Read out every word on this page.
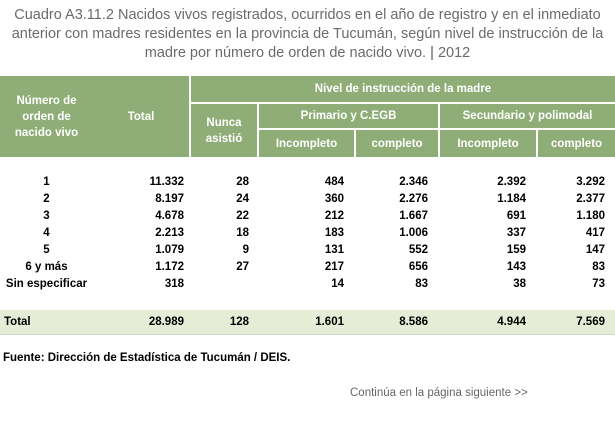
Cuadro A3.11.2 Nacidos vivos registrados, ocurridos en el año de registro y en el inmediato
anterior con madres residentes en la provincia de Tucumán, según nivel de instrucción de la
madre por número de orden de nacido vivo. | 2012
Número de
orden de
nacido vivo	Total	Nivel de instrucción de la madre				

		Nunca
asistió	Primario y C.EGB		Secundario y polimodal	
			Incompleto	completo	Incompleto	completo

1	11.332	28	484	2.346	2.392	3.292
2	8.197	24	360	2.276	1.184	2.377
3	4.678	22	212	1.667	691	1.180
4	2.213	18	183	1.006	337	417
5	1.079	9	131	552	159	147
6 y más	1.172	27	217	656	143	83
Sin especificar	318		14	83	38	73

Total	28.989	128	1.601	8.586	4.944	7.569

Fuente: Dirección de Estadística de Tucumán / DEIS.
Continúa en la página siguiente >>
